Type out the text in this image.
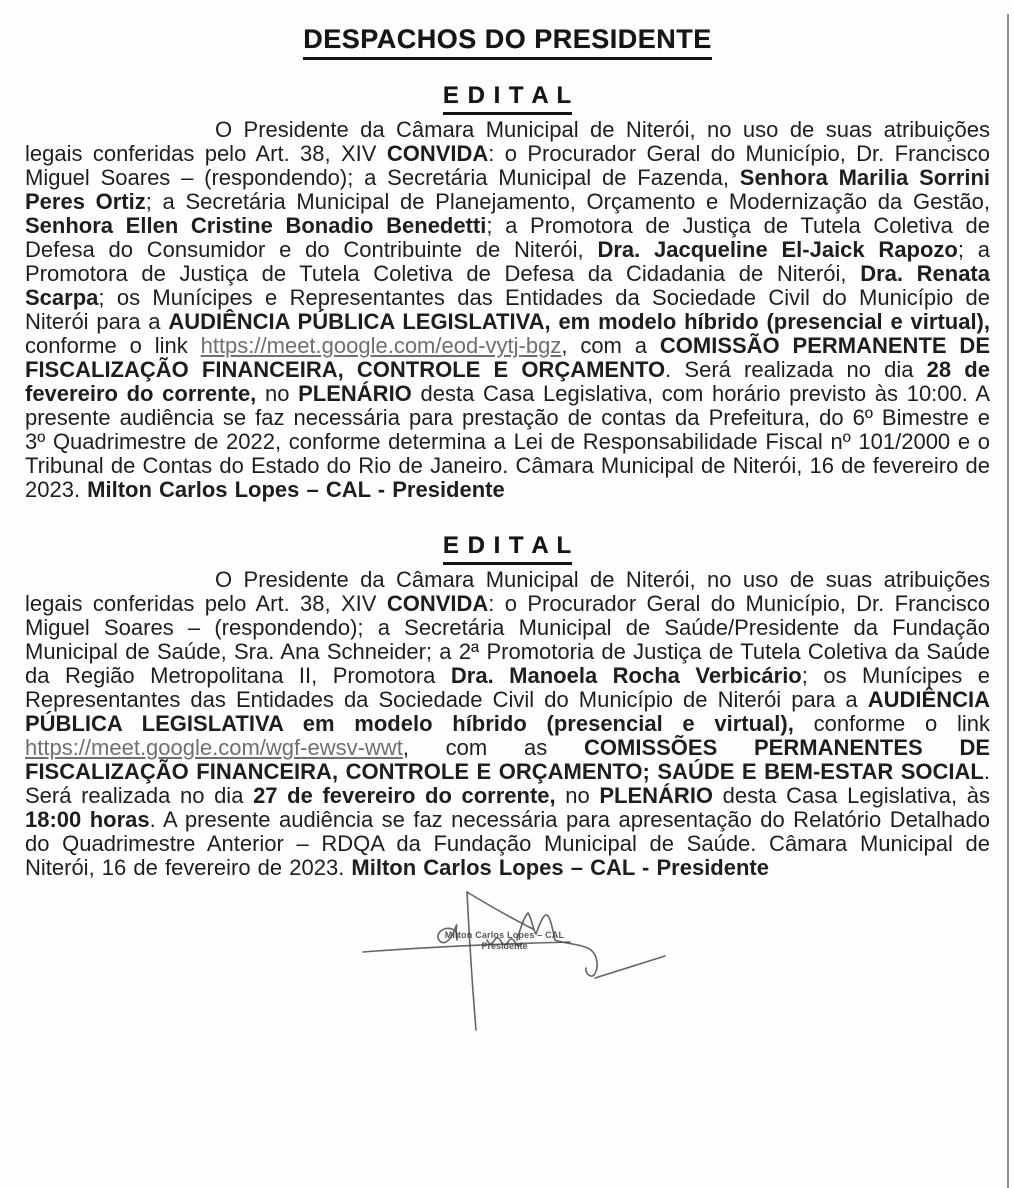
DESPACHOS DO PRESIDENTE
E D I T A L

O Presidente da Câmara Municipal de Niterói, no uso de suas atribuições legais conferidas pelo Art. 38, XIV CONVIDA: o Procurador Geral do Município, Dr. Francisco Miguel Soares – (respondendo); a Secretária Municipal de Fazenda, Senhora Marilia Sorrini Peres Ortiz; a Secretária Municipal de Planejamento, Orçamento e Modernização da Gestão, Senhora Ellen Cristine Bonadio Benedetti; a Promotora de Justiça de Tutela Coletiva de Defesa do Consumidor e do Contribuinte de Niterói, Dra. Jacqueline El-Jaick Rapozo; a Promotora de Justiça de Tutela Coletiva de Defesa da Cidadania de Niterói, Dra. Renata Scarpa; os Munícipes e Representantes das Entidades da Sociedade Civil do Município de Niterói para a AUDIÊNCIA PÚBLICA LEGISLATIVA, em modelo híbrido (presencial e virtual), conforme o link https://meet.google.com/eod-vytj-bgz, com a COMISSÃO PERMANENTE DE FISCALIZAÇÃO FINANCEIRA, CONTROLE E ORÇAMENTO. Será realizada no dia 28 de fevereiro do corrente, no PLENÁRIO desta Casa Legislativa, com horário previsto às 10:00. A presente audiência se faz necessária para prestação de contas da Prefeitura, do 6º Bimestre e 3º Quadrimestre de 2022, conforme determina a Lei de Responsabilidade Fiscal nº 101/2000 e o Tribunal de Contas do Estado do Rio de Janeiro. Câmara Municipal de Niterói, 16 de fevereiro de 2023. Milton Carlos Lopes – CAL - Presidente

E D I T A L

O Presidente da Câmara Municipal de Niterói, no uso de suas atribuições legais conferidas pelo Art. 38, XIV CONVIDA: o Procurador Geral do Município, Dr. Francisco Miguel Soares – (respondendo); a Secretária Municipal de Saúde/Presidente da Fundação Municipal de Saúde, Sra. Ana Schneider; a 2ª Promotoria de Justiça de Tutela Coletiva da Saúde da Região Metropolitana II, Promotora Dra. Manoela Rocha Verbicário; os Munícipes e Representantes das Entidades da Sociedade Civil do Município de Niterói para a AUDIÊNCIA PÚBLICA LEGISLATIVA em modelo híbrido (presencial e virtual), conforme o link https://meet.google.com/wgf-ewsv-wwt, com as COMISSÕES PERMANENTES DE FISCALIZAÇÃO FINANCEIRA, CONTROLE E ORÇAMENTO; SAÚDE E BEM-ESTAR SOCIAL. Será realizada no dia 27 de fevereiro do corrente, no PLENÁRIO desta Casa Legislativa, às 18:00 horas. A presente audiência se faz necessária para apresentação do Relatório Detalhado do Quadrimestre Anterior – RDQA da Fundação Municipal de Saúde. Câmara Municipal de Niterói, 16 de fevereiro de 2023. Milton Carlos Lopes – CAL - Presidente

Milton Carlos Lopes – CAL
Presidente
